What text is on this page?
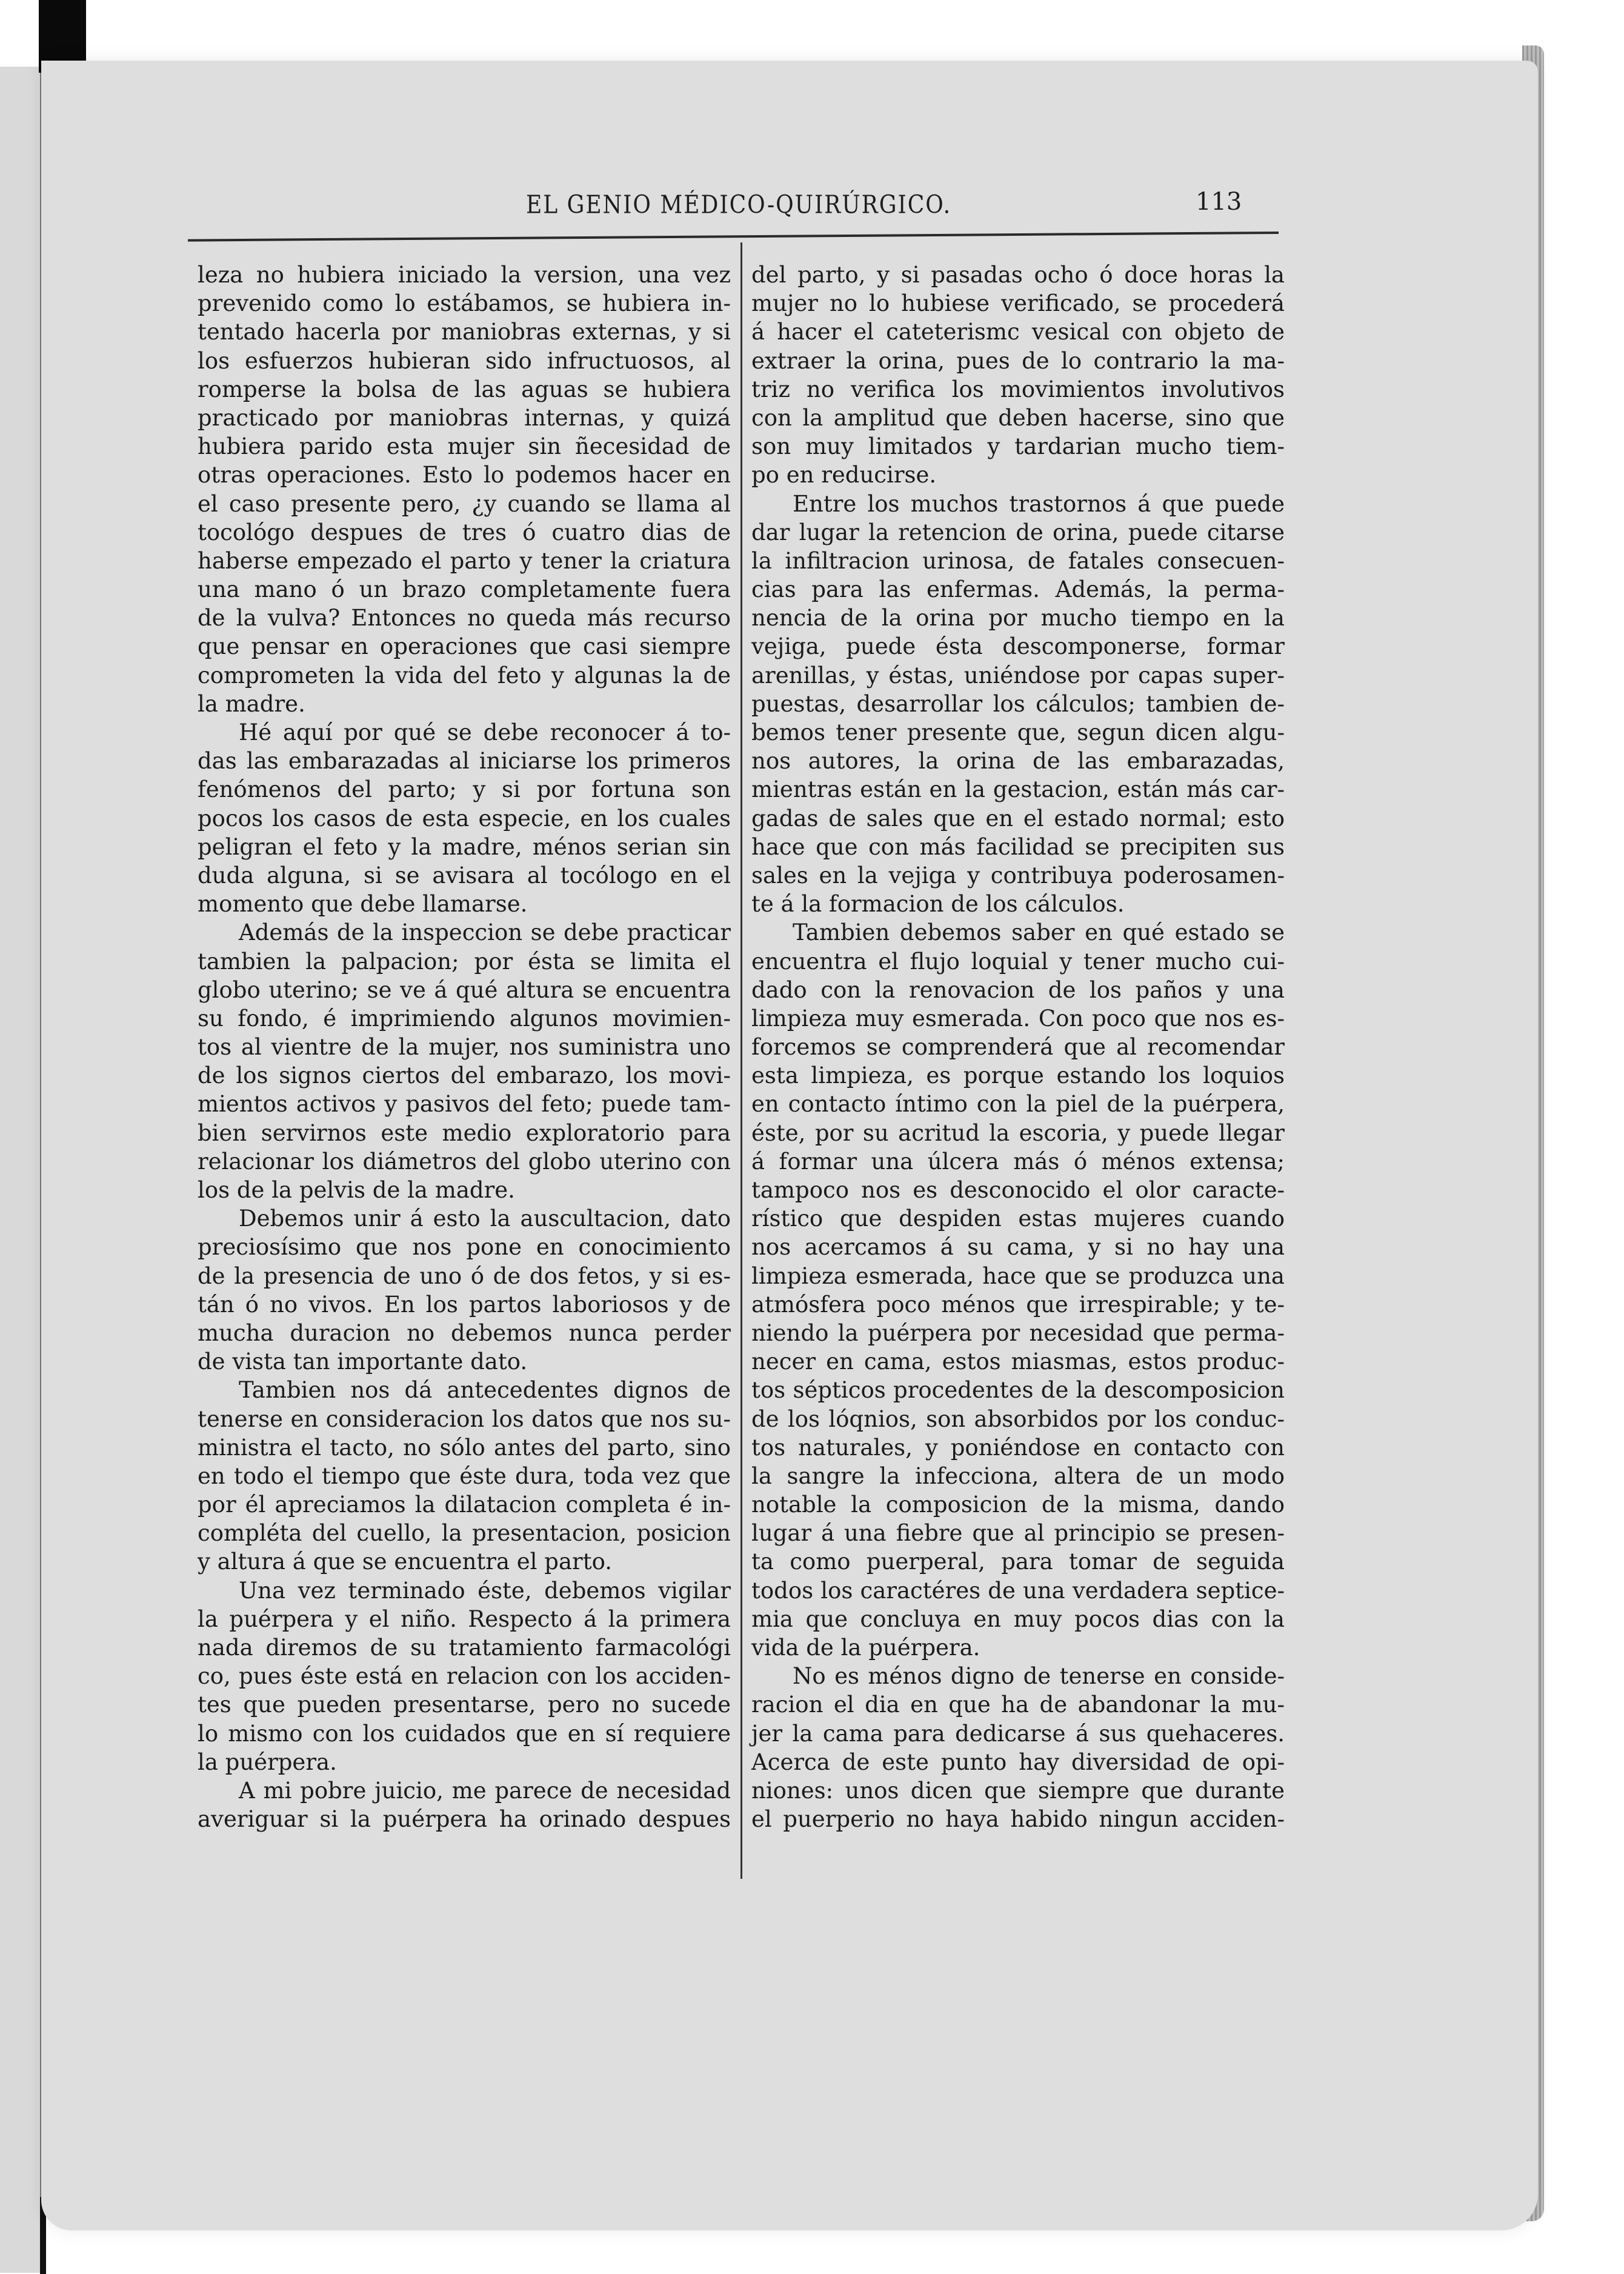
EL GENIO MÉDICO-QUIRÚRGICO.	113
leza no hubiera iniciado la version, una vez
prevenido como lo estábamos, se hubiera in-
tentado hacerla por maniobras externas, y si
los esfuerzos hubieran sido infructuosos, al
romperse la bolsa de las aguas se hubiera
practicado por maniobras internas, y quizá
hubiera parido esta mujer sin ñecesidad de
otras operaciones. Esto lo podemos hacer en
el caso presente pero, ¿y cuando se llama al
tocológo despues de tres ó cuatro dias de
haberse empezado el parto y tener la criatura
una mano ó un brazo completamente fuera
de la vulva? Entonces no queda más recurso
que pensar en operaciones que casi siempre
comprometen la vida del feto y algunas la de
la madre.
Hé aquí por qué se debe reconocer á to-
das las embarazadas al iniciarse los primeros
fenómenos del parto; y si por fortuna son
pocos los casos de esta especie, en los cuales
peligran el feto y la madre, ménos serian sin
duda alguna, si se avisara al tocólogo en el
momento que debe llamarse.
Además de la inspeccion se debe practicar
tambien la palpacion; por ésta se limita el
globo uterino; se ve á qué altura se encuentra
su fondo, é imprimiendo algunos movimien-
tos al vientre de la mujer, nos suministra uno
de los signos ciertos del embarazo, los movi-
mientos activos y pasivos del feto; puede tam-
bien servirnos este medio exploratorio para
relacionar los diámetros del globo uterino con
los de la pelvis de la madre.
Debemos unir á esto la auscultacion, dato
preciosísimo que nos pone en conocimiento
de la presencia de uno ó de dos fetos, y si es-
tán ó no vivos. En los partos laboriosos y de
mucha duracion no debemos nunca perder
de vista tan importante dato.
Tambien nos dá antecedentes dignos de
tenerse en consideracion los datos que nos su-
ministra el tacto, no sólo antes del parto, sino
en todo el tiempo que éste dura, toda vez que
por él apreciamos la dilatacion completa é in-
compléta del cuello, la presentacion, posicion
y altura á que se encuentra el parto.
Una vez terminado éste, debemos vigilar
la puérpera y el niño. Respecto á la primera
nada diremos de su tratamiento farmacológi
co, pues éste está en relacion con los acciden-
tes que pueden presentarse, pero no sucede
lo mismo con los cuidados que en sí requiere
la puérpera.
A mi pobre juicio, me parece de necesidad
averiguar si la puérpera ha orinado despues
del parto, y si pasadas ocho ó doce horas la
mujer no lo hubiese verificado, se procederá
á hacer el cateterismc vesical con objeto de
extraer la orina, pues de lo contrario la ma-
triz no verifica los movimientos involutivos
con la amplitud que deben hacerse, sino que
son muy limitados y tardarian mucho tiem-
po en reducirse.
Entre los muchos trastornos á que puede
dar lugar la retencion de orina, puede citarse
la infiltracion urinosa, de fatales consecuen-
cias para las enfermas. Además, la perma-
nencia de la orina por mucho tiempo en la
vejiga, puede ésta descomponerse, formar
arenillas, y éstas, uniéndose por capas super-
puestas, desarrollar los cálculos; tambien de-
bemos tener presente que, segun dicen algu-
nos autores, la orina de las embarazadas,
mientras están en la gestacion, están más car-
gadas de sales que en el estado normal; esto
hace que con más facilidad se precipiten sus
sales en la vejiga y contribuya poderosamen-
te á la formacion de los cálculos.
Tambien debemos saber en qué estado se
encuentra el flujo loquial y tener mucho cui-
dado con la renovacion de los paños y una
limpieza muy esmerada. Con poco que nos es-
forcemos se comprenderá que al recomendar
esta limpieza, es porque estando los loquios
en contacto íntimo con la piel de la puérpera,
éste, por su acritud la escoria, y puede llegar
á formar una úlcera más ó ménos extensa;
tampoco nos es desconocido el olor caracte-
rístico que despiden estas mujeres cuando
nos acercamos á su cama, y si no hay una
limpieza esmerada, hace que se produzca una
atmósfera poco ménos que irrespirable; y te-
niendo la puérpera por necesidad que perma-
necer en cama, estos miasmas, estos produc-
tos sépticos procedentes de la descomposicion
de los lóqnios, son absorbidos por los conduc-
tos naturales, y poniéndose en contacto con
la sangre la infecciona, altera de un modo
notable la composicion de la misma, dando
lugar á una fiebre que al principio se presen-
ta como puerperal, para tomar de seguida
todos los caractéres de una verdadera septice-
mia que concluya en muy pocos dias con la
vida de la puérpera.
No es ménos digno de tenerse en conside-
racion el dia en que ha de abandonar la mu-
jer la cama para dedicarse á sus quehaceres.
Acerca de este punto hay diversidad de opi-
niones: unos dicen que siempre que durante
el puerperio no haya habido ningun acciden-
